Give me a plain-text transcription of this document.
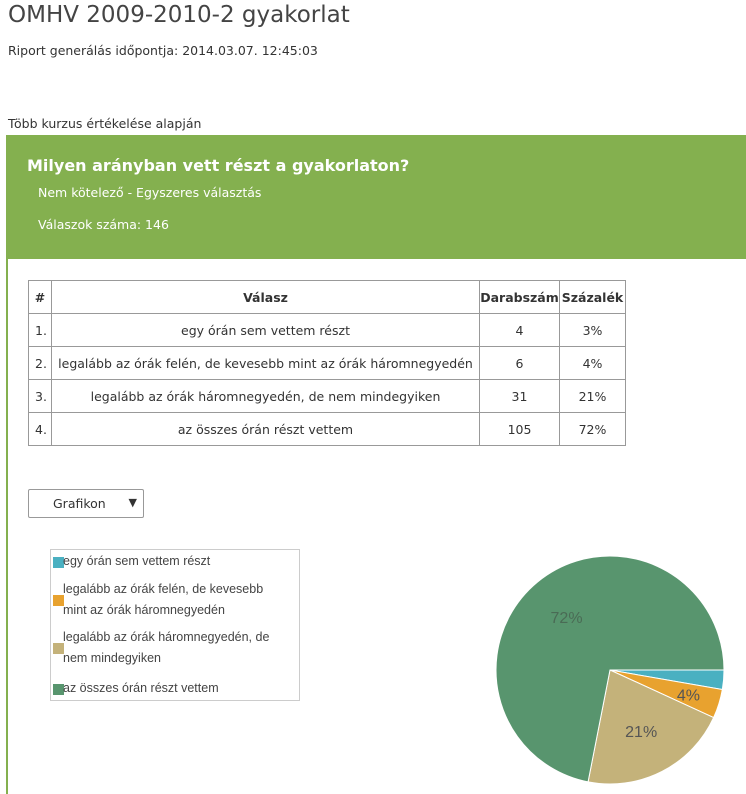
OMHV 2009-2010-2 gyakorlat
Riport generálás időpontja: 2014.03.07. 12:45:03
Több kurzus értékelése alapján
Milyen arányban vett részt a gyakorlaton?
Nem kötelező - Egyszeres választás
Válaszok száma: 146
#	Válasz	Darabszám	Százalék
1.	egy órán sem vettem részt	4	3%
2.	legalább az órák felén, de kevesebb mint az órák háromnegyedén	6	4%
3.	legalább az órák háromnegyedén, de nem mindegyiken	31	21%
4.	az összes órán részt vettem	105	72%
Grafikon ▼
egy órán sem vettem részt
legalább az órák felén, de kevesebb
mint az órák háromnegyedén
legalább az órák háromnegyedén, de
nem mindegyiken
az összes órán részt vettem	4%
21%
72%
